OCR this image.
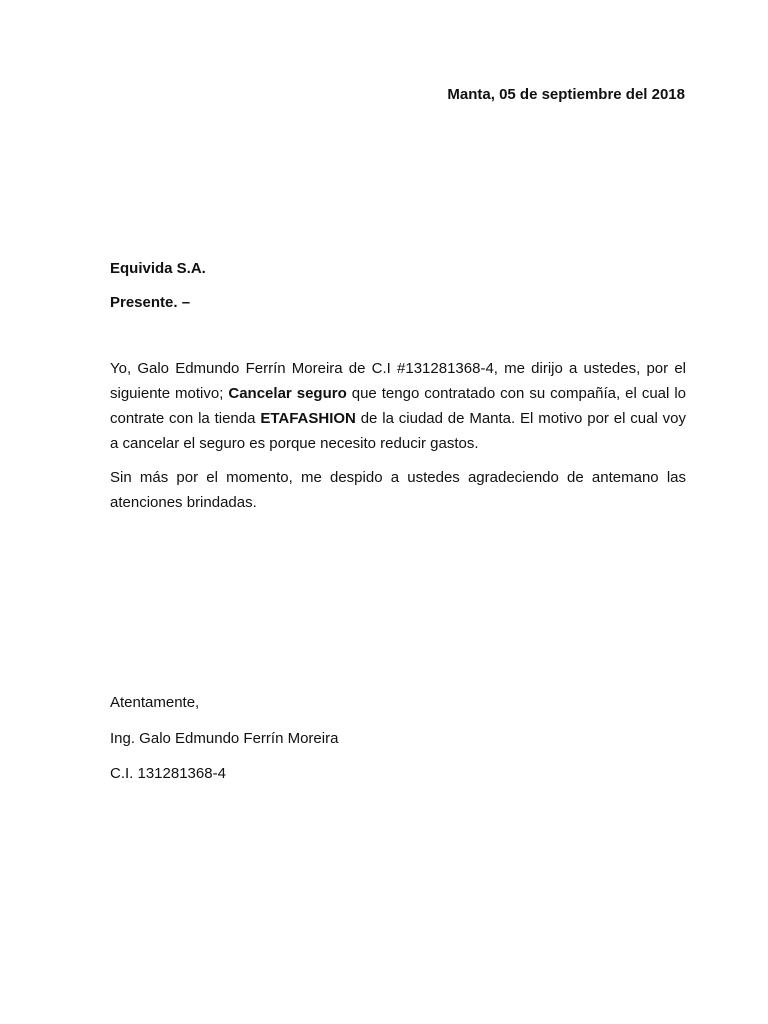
Manta, 05 de septiembre del 2018
Equivida S.A.
Presente. –

Yo, Galo Edmundo Ferrín Moreira de C.I #131281368-4, me dirijo a ustedes, por el siguiente motivo; Cancelar seguro que tengo contratado con su compañía, el cual lo contrate con la tienda ETAFASHION de la ciudad de Manta. El motivo por el cual voy a cancelar el seguro es porque necesito reducir gastos.

Sin más por el momento, me despido a ustedes agradeciendo de antemano las atenciones brindadas.

Atentamente,
Ing. Galo Edmundo Ferrín Moreira
C.I. 131281368-4
